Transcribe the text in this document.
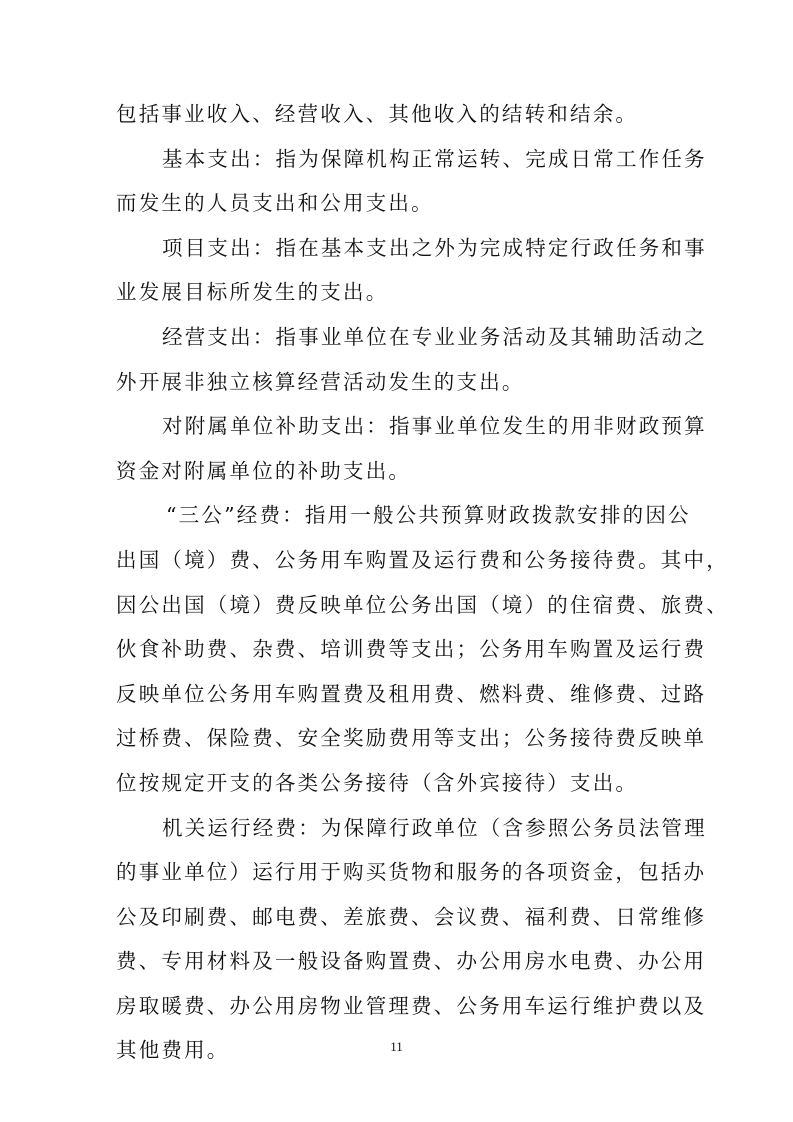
包括事业收入、经营收入、其他收入的结转和结余。
基本支出：指为保障机构正常运转、完成日常工作任务
而发生的人员支出和公用支出。
项目支出：指在基本支出之外为完成特定行政任务和事
业发展目标所发生的支出。
经营支出：指事业单位在专业业务活动及其辅助活动之
外开展非独立核算经营活动发生的支出。
对附属单位补助支出：指事业单位发生的用非财政预算
资金对附属单位的补助支出。
“三公”经费：指用一般公共预算财政拨款安排的因公
出国（境）费、公务用车购置及运行费和公务接待费。其中，
因公出国（境）费反映单位公务出国（境）的住宿费、旅费、
伙食补助费、杂费、培训费等支出；公务用车购置及运行费
反映单位公务用车购置费及租用费、燃料费、维修费、过路
过桥费、保险费、安全奖励费用等支出；公务接待费反映单
位按规定开支的各类公务接待（含外宾接待）支出。
机关运行经费：为保障行政单位（含参照公务员法管理
的事业单位）运行用于购买货物和服务的各项资金，包括办
公及印刷费、邮电费、差旅费、会议费、福利费、日常维修
费、专用材料及一般设备购置费、办公用房水电费、办公用
房取暖费、办公用房物业管理费、公务用车运行维护费以及
其他费用。	11
